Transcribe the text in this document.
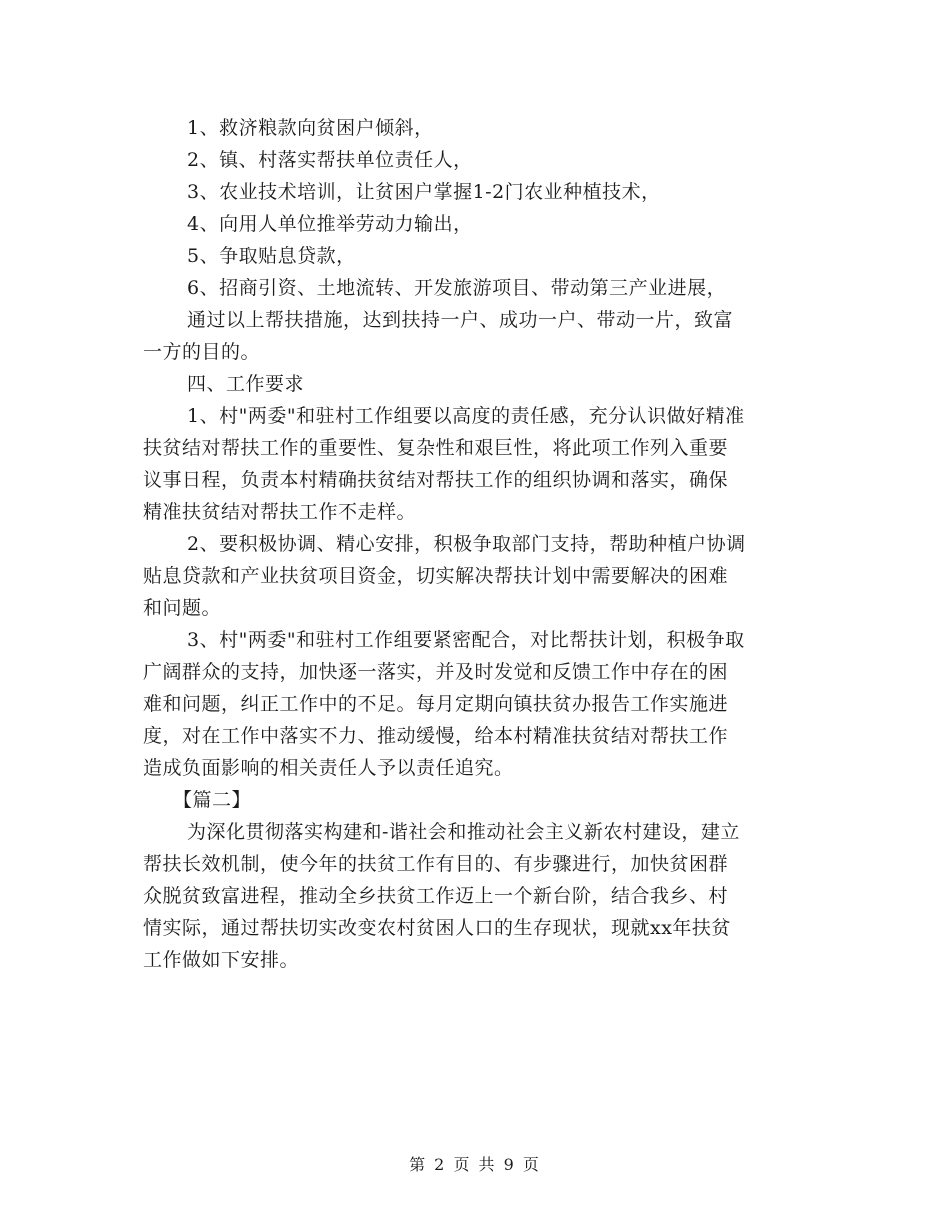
1、救济粮款向贫困户倾斜，

2、镇、村落实帮扶单位责任人，

3、农业技术培训，让贫困户掌握1-2门农业种植技术，

4、向用人单位推举劳动力输出，

5、争取贴息贷款，

6、招商引资、土地流转、开发旅游项目、带动第三产业进展，

通过以上帮扶措施，达到扶持一户、成功一户、带动一片，致富

一方的目的。

四、工作要求

1、村"两委"和驻村工作组要以高度的责任感，充分认识做好精准

扶贫结对帮扶工作的重要性、复杂性和艰巨性，将此项工作列入重要

议事日程，负责本村精确扶贫结对帮扶工作的组织协调和落实，确保

精准扶贫结对帮扶工作不走样。

2、要积极协调、精心安排，积极争取部门支持，帮助种植户协调

贴息贷款和产业扶贫项目资金，切实解决帮扶计划中需要解决的困难

和问题。

3、村"两委"和驻村工作组要紧密配合，对比帮扶计划，积极争取

广阔群众的支持，加快逐一落实，并及时发觉和反馈工作中存在的困

难和问题，纠正工作中的不足。每月定期向镇扶贫办报告工作实施进

度，对在工作中落实不力、推动缓慢，给本村精准扶贫结对帮扶工作

造成负面影响的相关责任人予以责任追究。

【篇二】

为深化贯彻落实构建和-谐社会和推动社会主义新农村建设，建立

帮扶长效机制，使今年的扶贫工作有目的、有步骤进行，加快贫困群

众脱贫致富进程，推动全乡扶贫工作迈上一个新台阶，结合我乡、村

情实际，通过帮扶切实改变农村贫困人口的生存现状，现就xx年扶贫

工作做如下安排。

第 2 页 共 9 页
